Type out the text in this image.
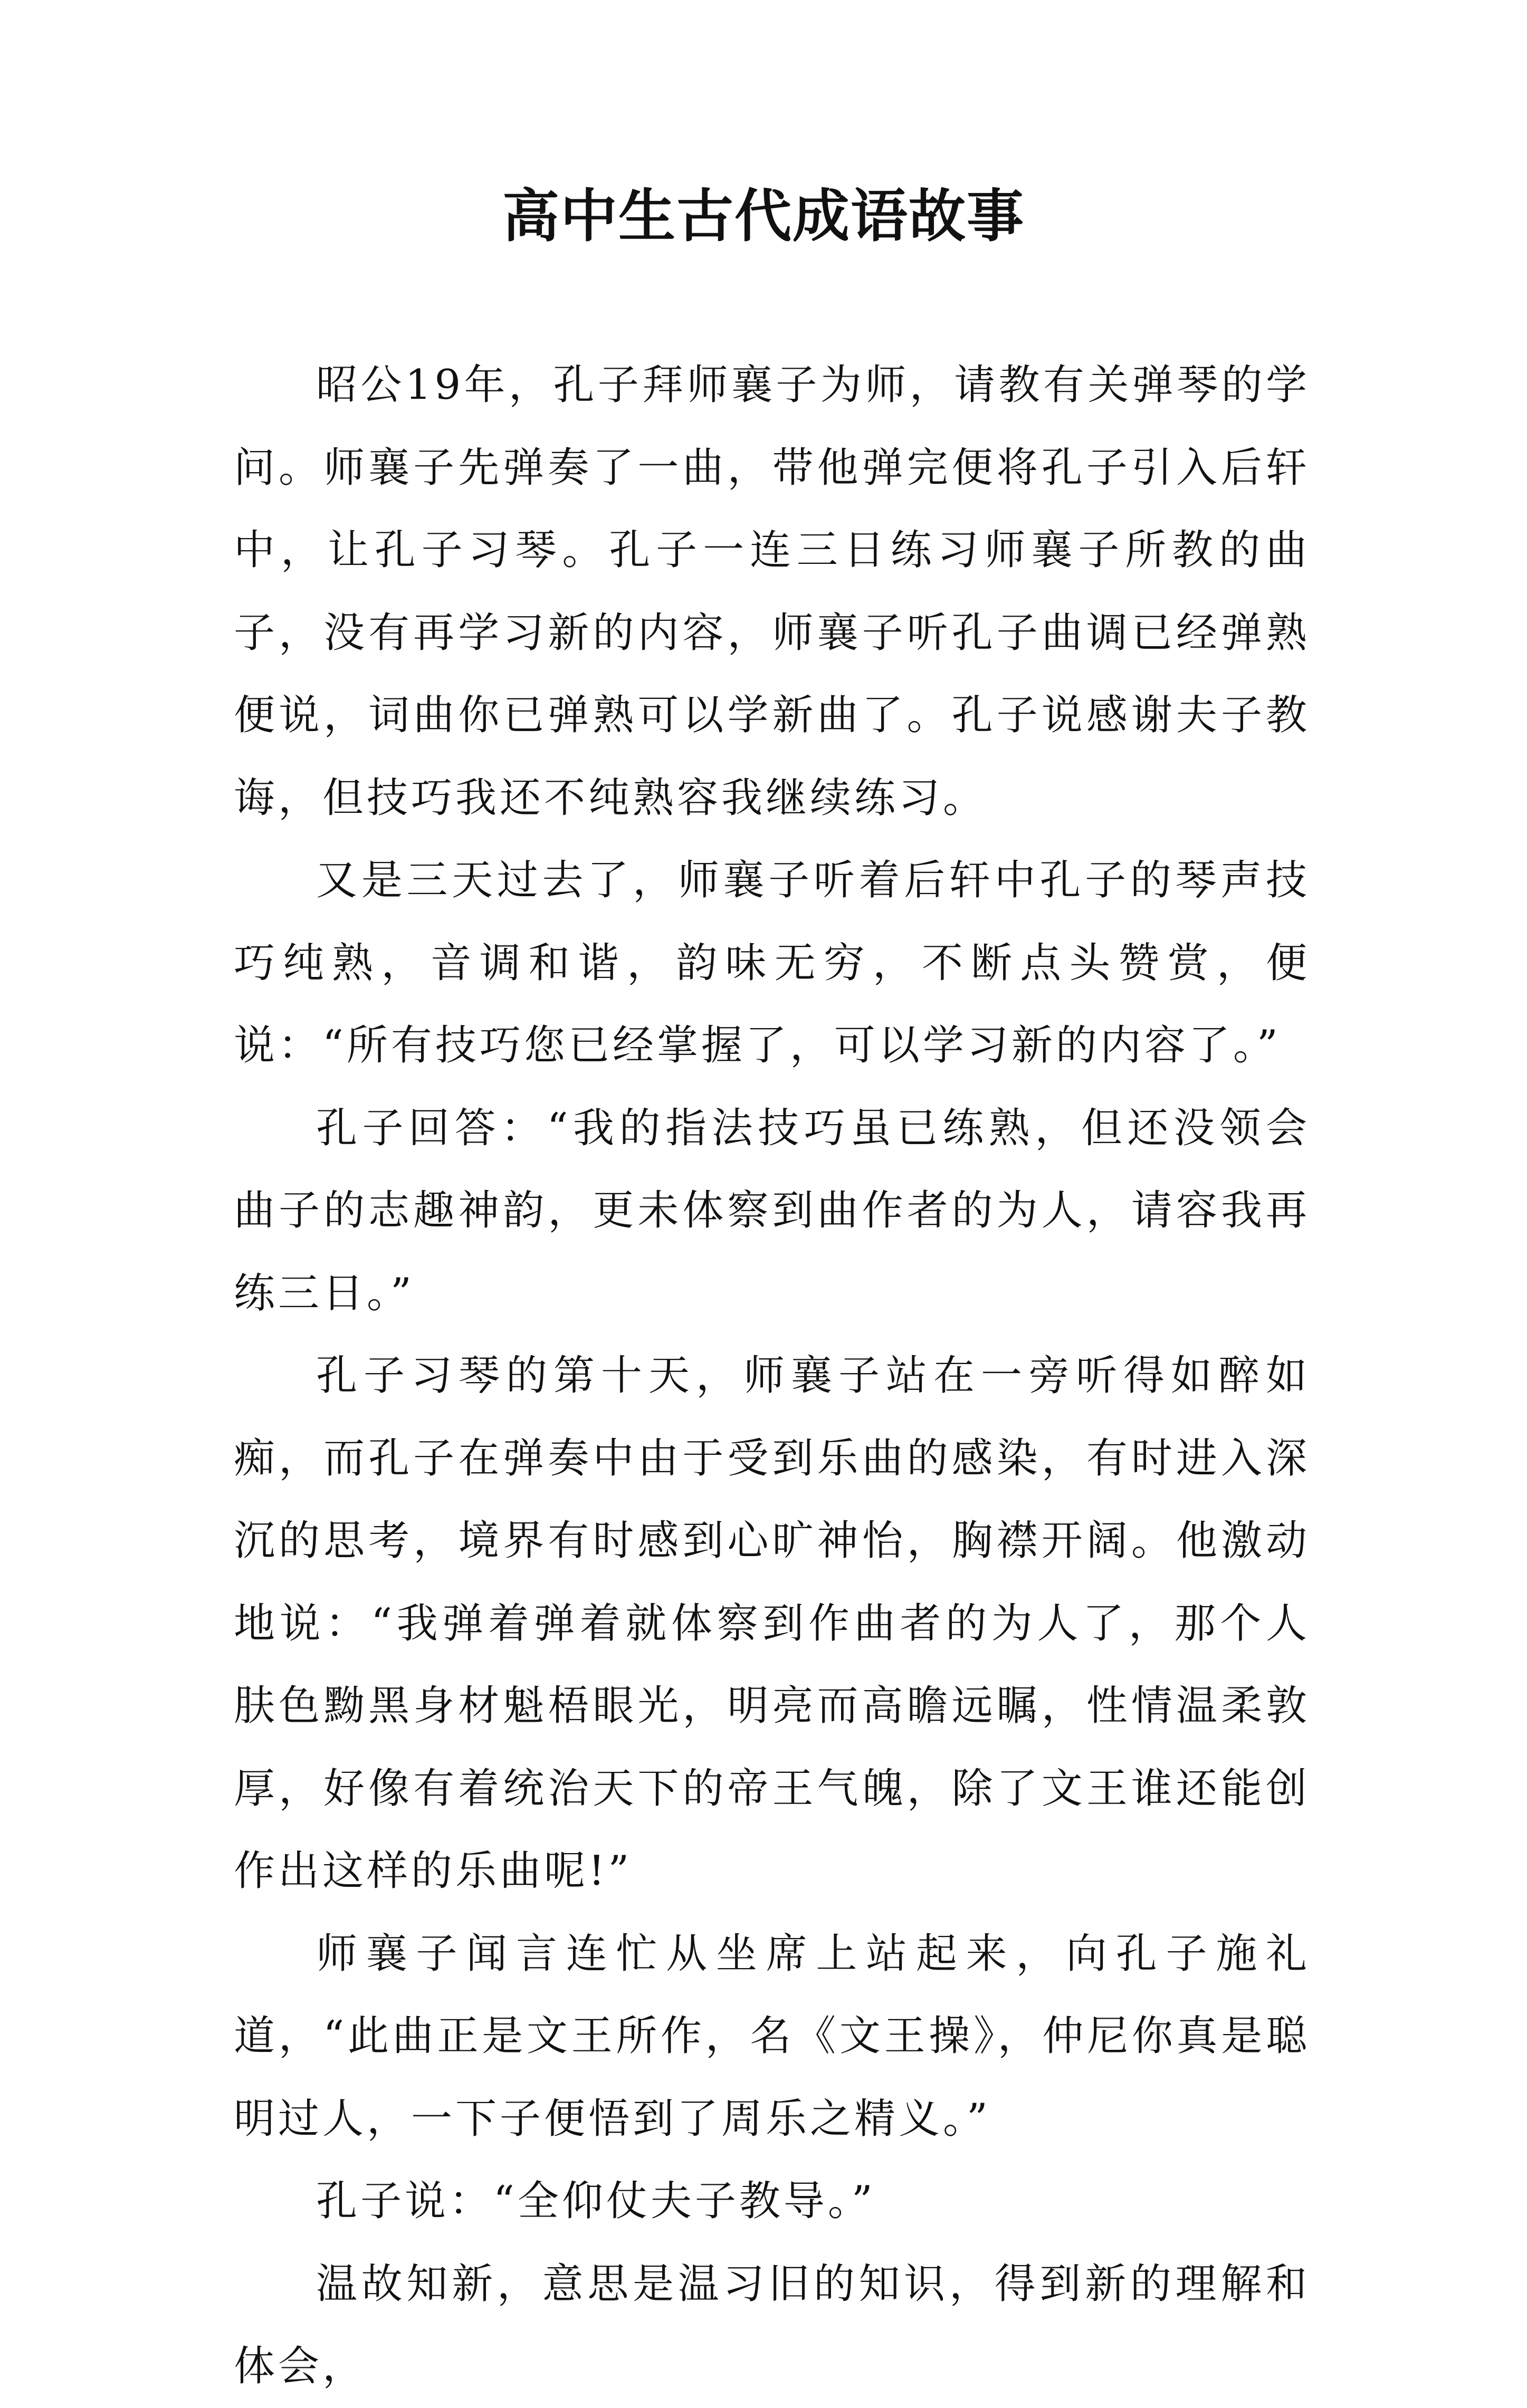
高中生古代成语故事

昭公19年，孔子拜师襄子为师，请教有关弹琴的学问。师襄子先弹奏了一曲，带他弹完便将孔子引入后轩中，让孔子习琴。孔子一连三日练习师襄子所教的曲子，没有再学习新的内容，师襄子听孔子曲调已经弹熟便说，词曲你已弹熟可以学新曲了。孔子说感谢夫子教诲，但技巧我还不纯熟容我继续练习。

又是三天过去了，师襄子听着后轩中孔子的琴声技巧纯熟，音调和谐，韵味无穷，不断点头赞赏，便说：“所有技巧您已经掌握了，可以学习新的内容了。”

孔子回答：“我的指法技巧虽已练熟，但还没领会曲子的志趣神韵，更未体察到曲作者的为人，请容我再练三日。”

孔子习琴的第十天，师襄子站在一旁听得如醉如痴，而孔子在弹奏中由于受到乐曲的感染，有时进入深沉的思考，境界有时感到心旷神怡，胸襟开阔。他激动地说：“我弹着弹着就体察到作曲者的为人了，那个人肤色黝黑身材魁梧眼光，明亮而高瞻远瞩，性情温柔敦厚，好像有着统治天下的帝王气魄，除了文王谁还能创作出这样的乐曲呢!”

师襄子闻言连忙从坐席上站起来，向孔子施礼道，“此曲正是文王所作，名《文王操》，仲尼你真是聪明过人，一下子便悟到了周乐之精义。”

孔子说：“全仰仗夫子教导。”

温故知新，意思是温习旧的知识，得到新的理解和体会，
